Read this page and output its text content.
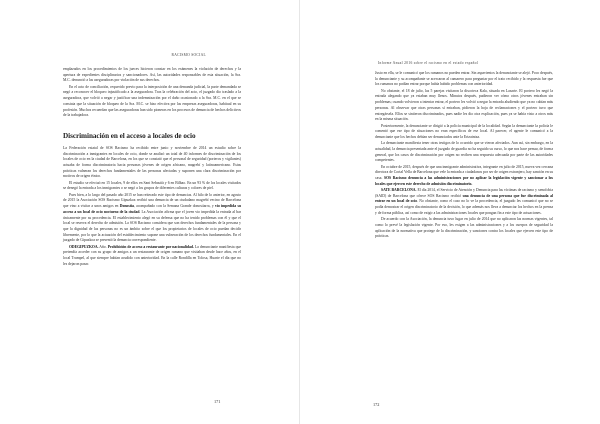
RACISMO SOCIAL

emplazados en los procedimientos de los jueces hicieron constar en los exámenes la violación de derechos y la apertura de expedientes disciplinarios y sancionadores. Así, las autoridades responsables de esta situación, la Sra. M.C. denunció a las aseguradoras por violación de sus derechos.

En el acto de conciliación, requerido previo para la interposición de una demanda judicial, la parte demandada se negó a reconocer el bloqueo injustificado a la aseguradora. Tras la celebración del acto, el juzgado dio traslado a la aseguradora, que volvió a negar y justificar una indemnización por el daño ocasionado a la Sra. M.C. en el que se constata que la situación de bloqueo de la Sra. M.C. se hizo efectiva por las empresas aseguradoras, habitual en su profesión. Muchos recuerdan que las aseguradoras han sido pioneras en los procesos de denuncia de hechos delictivos de la trabajadora.

Discriminación en el acceso a locales de ocio

La Federación estatal de SOS Racismo ha recibido entre junio y noviembre de 2014 un estudio sobre la discriminación a inmigrantes en locales de ocio, donde se analizó un total de 40 informes de discriminación de los locales de ocio en la ciudad de Barcelona, en los que se constató que el personal de seguridad (porteros y vigilantes) actuaba de forma discriminatoria hacia personas jóvenes de origen africano, magrebí y latinoamericano. Estas prácticas vulneran los derechos fundamentales de las personas afectadas y suponen una clara discriminación por motivos de origen étnico.

El estudio se efectuó en 15 locales, 9 de ellos en Sant Sebastià y 6 en Bilbao. En un 93 % de los locales visitados se denegó la entrada a los inmigrantes o se negó a los grupos de diferentes culturas y colores de piel.

Pues bien, a lo largo del pasado año 2015 se han reiterado este tipo de denuncias. Al hilo de lo anterior, en agosto de 2015 la Asociación SOS Racismo Gipuzkoa recibió una denuncia de un ciudadano magrebí vecino de Barcelona que vino a visitar a unos amigos en Donostia, acompañado con la Semana Grande donostiarra, y vio impedida su acceso a un local de ocio nocturno de la ciudad. La Asociación afirma que el joven vio impedida la entrada al bar únicamente por su procedencia. El establecimiento alegó en su defensa que no ha tenido problemas con él y que el local se reserva el derecho de admisión. La SOS Racismo considera que son derechos fundamentales de la persona y que la dignidad de las personas no es un ámbito sobre el que los propietarios de locales de ocio puedan decidir libremente, por lo que la actuación del establecimiento supone una vulneración de los derechos fundamentales. En el juzgado de Gipuzkoa se presentó la denuncia correspondiente.

ODEGIPUZKOA. Año. Prohibición de acceso a restaurante por nacionalidad. La denunciante manifiesta que pretendía acceder con su grupo de amigos a un restaurante de origen rumano que visitaban desde hace años, en el local Trumpel, al que siempre habían acudido con anterioridad. En la calle Rondilla en Tolosa, Huarte el día que no les dejaron pasar.

171
Informe Anual 2016 sobre el racismo en el estado español

Justo en ella, se le comunicó que los rumanos no pueden entrar. Sin aspavientos la denunciante se alejó. Poco después, la denunciante y su acompañante se acercaron al camarero para preguntar por el trato recibido y la respuesta fue que los rumanos no podían entrar porque había habido problemas con anterioridad.

No obstante, el 18 de julio, las 5 parejas visitaron la discoteca Kala, situada en Lasarte. El portero les negó la entrada alegando que ya estaban muy llenos. Minutos después, pudieron ver cómo otros jóvenes entraban sin problemas; cuando volvieron a intentar entrar, el portero les volvió a negar la entrada aludiendo que ya no cabían más personas. Al observar que otras personas sí entraban, pidieron la hoja de reclamaciones y el portero tuvo que entregársela. Ellos se sintieron discriminados, pues nadie les dio otra explicación, pues ya se había visto a otros más en la misma situación.

Posteriormente, la denunciante se dirigió a la policía municipal de la localidad. Según la denunciante la policía le comentó que ese tipo de situaciones no eran específicos de ese local. Al parecer, el agente le comunicó a la denunciante que los hechos debían ser denunciados ante la Ertzaintza.

La denunciante manifiesta tener otras testigos de lo ocurrido que se vieron afectados. Aun así, sin embargo, en la actualidad, la denuncia presentada ante el juzgado de guardia no ha seguido su curso, lo que nos hace pensar, de forma general, que los casos de discriminación por origen no reciben una respuesta adecuada por parte de las autoridades competentes.

En octubre de 2015, después de que una inmigrante administrativa, integrante en julio de 2015, nueva vez cercana directora de Cortal Vella de Barcelona que vele la entrada a ciudadanos por ser de origen extranjero, hay sanción en su casa. SOS Racismo denuncia a las administraciones por no aplicar la legislación vigente y sancionar a los locales que ejercen este derecho de admisión discriminatorio.

SATE BARCELONA. El día 2014, el Servicio de Atención y Denuncia para las víctimas de racismo y xenofobia (SAID) de Barcelona que ofrece SOS Racismo recibió una denuncia de una persona que fue discriminada al entrar en un local de ocio. No obstante, como el caso no lo ve la procedencia, el juzgado les comunicó que no se podía demostrar el origen discriminatorio de la decisión, lo que además nos lleva a denunciar los hechos en la prensa y de forma pública, así como de exigir a las administraciones locales que pongan fin a este tipo de actuaciones.

De acuerdo con la Asociación, la denuncia tuvo lugar en julio de 2014 que no aplicaron las normas vigentes, tal como lo prevé la legislación vigente. Por eso, les exigen a las administraciones y a los cuerpos de seguridad la aplicación de la normativa que protege de la discriminación, y sanciones contra los locales que ejercen este tipo de prácticas.

172
